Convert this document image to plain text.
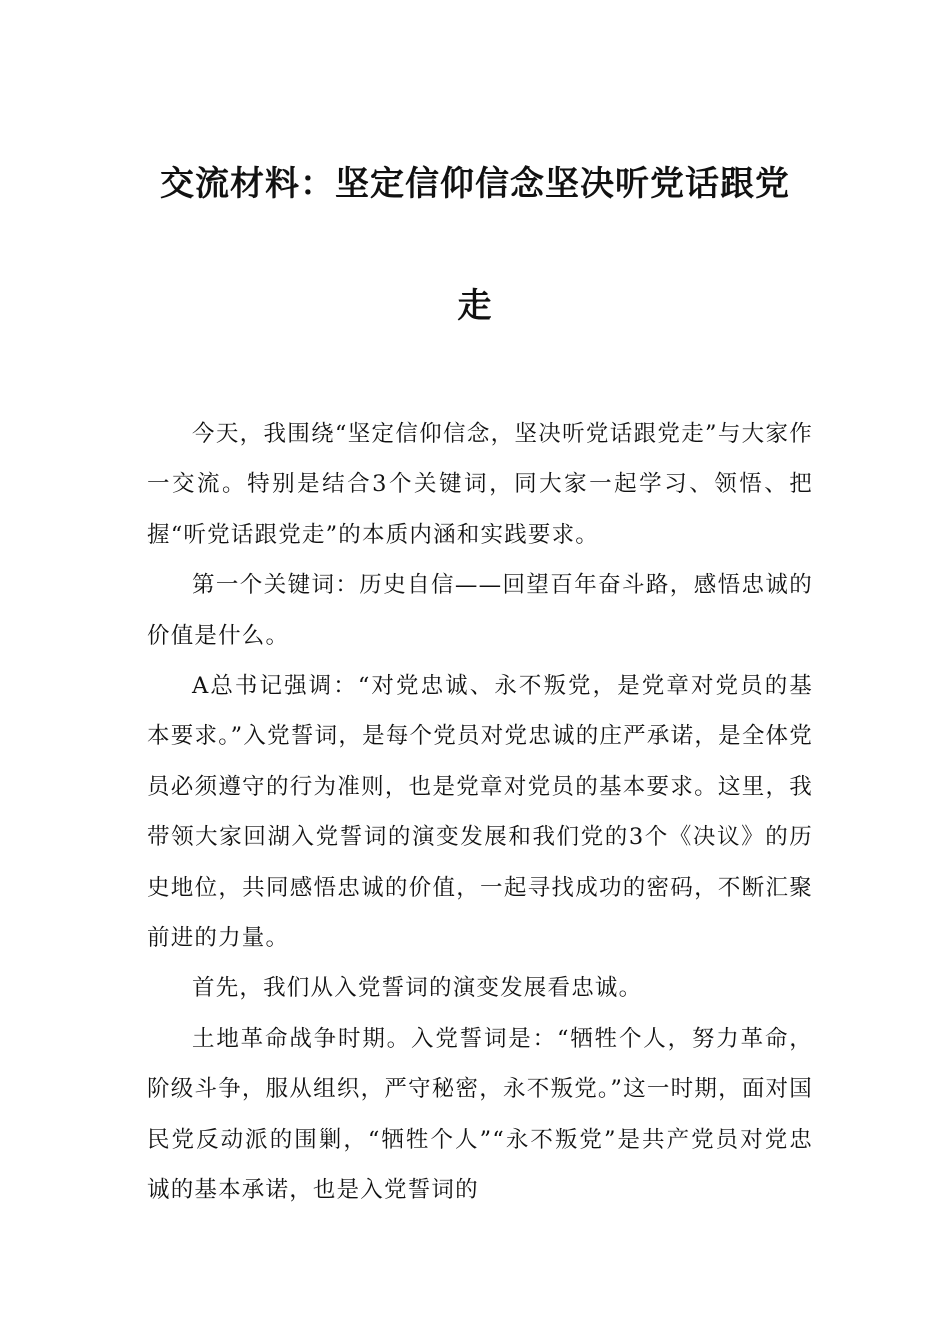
交流材料：坚定信仰信念坚决听党话跟党
走

今天，我围绕“坚定信仰信念，坚决听党话跟党走”与大家作一交流。特别是结合3个关键词，同大家一起学习、领悟、把握“听党话跟党走”的本质内涵和实践要求。

第一个关键词：历史自信——回望百年奋斗路，感悟忠诚的价值是什么。

A总书记强调：“对党忠诚、永不叛党，是党章对党员的基本要求。”入党誓词，是每个党员对党忠诚的庄严承诺，是全体党员必须遵守的行为准则，也是党章对党员的基本要求。这里，我带领大家回湖入党誓词的演变发展和我们党的3个《决议》的历史地位，共同感悟忠诚的价值，一起寻找成功的密码，不断汇聚前进的力量。

首先，我们从入党誓词的演变发展看忠诚。

土地革命战争时期。入党誓词是：“牺牲个人，努力革命，阶级斗争，服从组织，严守秘密，永不叛党。”这一时期，面对国民党反动派的围剿，“牺牲个人”“永不叛党”是共产党员对党忠诚的基本承诺，也是入党誓词的
